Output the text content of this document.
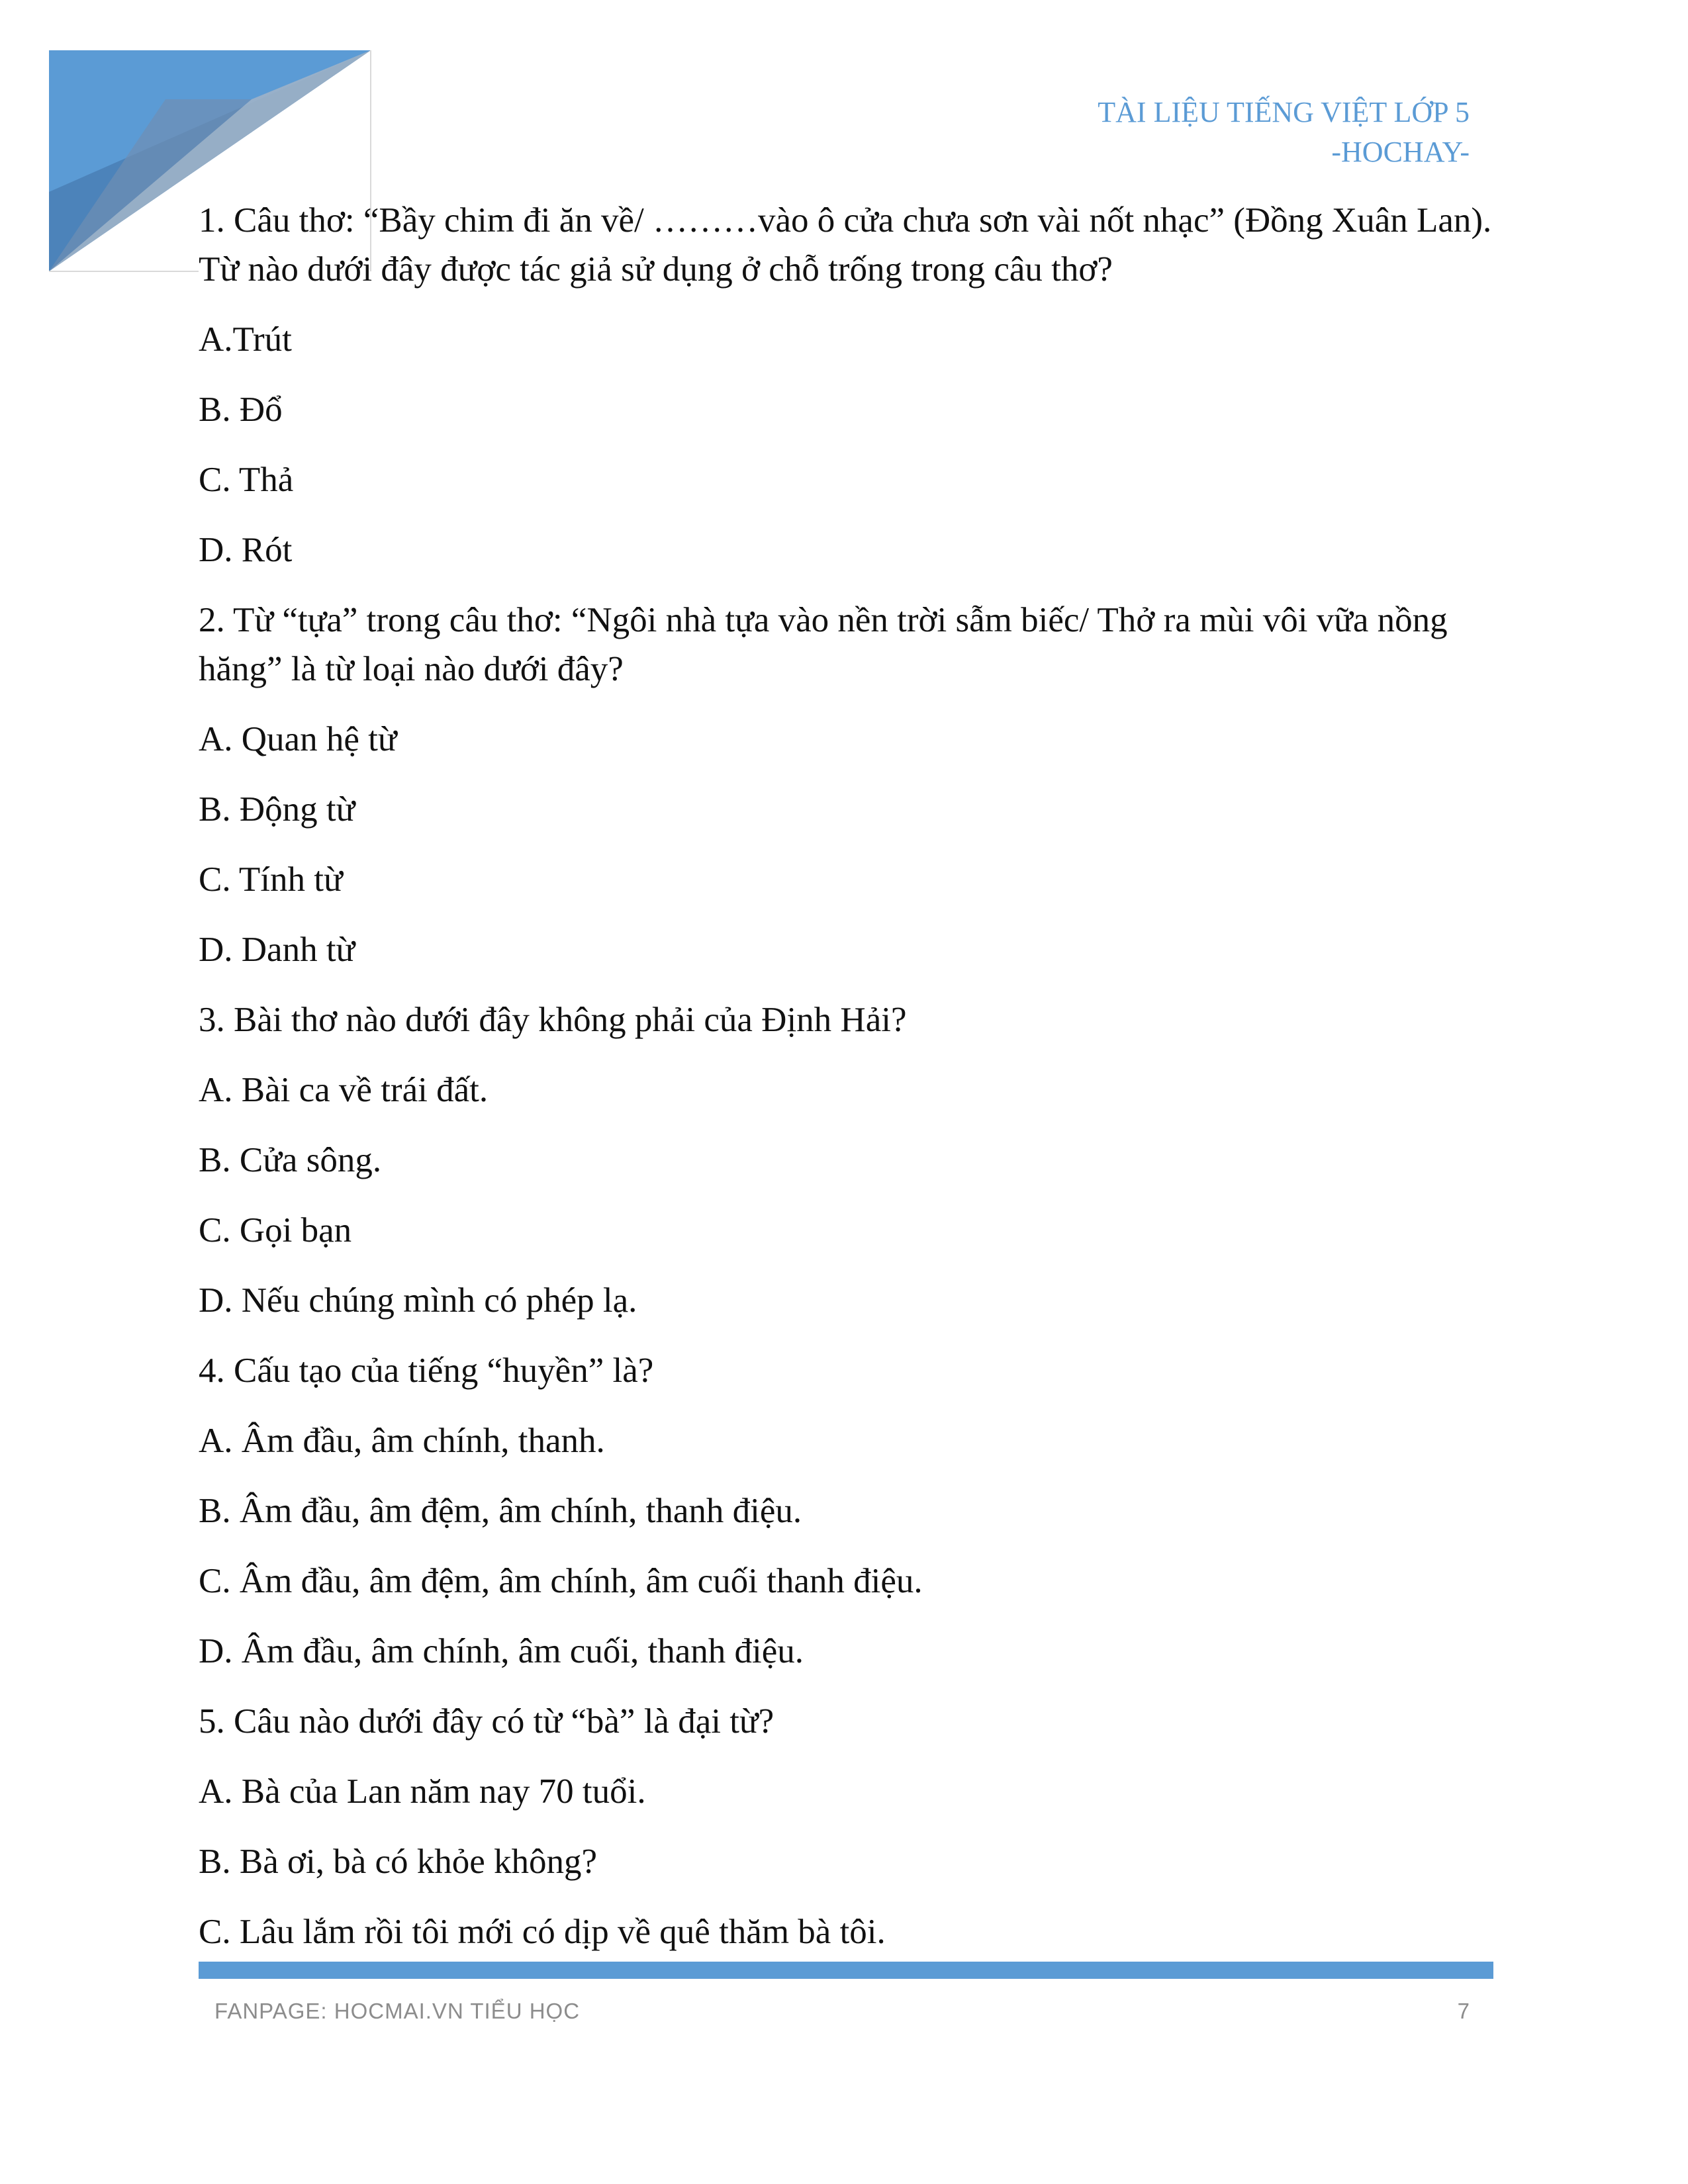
TÀI LIỆU TIẾNG VIỆT LỚP 5
-HOCHAY-
1. Câu thơ: “Bầy chim đi ăn về/ ………vào ô cửa chưa sơn vài nốt nhạc” (Đồng Xuân Lan). Từ nào dưới đây được tác giả sử dụng ở chỗ trống trong câu thơ?
A.Trút
B. Đổ
C. Thả
D. Rót
2. Từ “tựa” trong câu thơ: “Ngôi nhà tựa vào nền trời sẫm biếc/ Thở ra mùi vôi vữa nồng hăng” là từ loại nào dưới đây?
A. Quan hệ từ
B. Động từ
C. Tính từ
D. Danh từ
3. Bài thơ nào dưới đây không phải của Định Hải?
A. Bài ca về trái đất.
B. Cửa sông.
C. Gọi bạn
D. Nếu chúng mình có phép lạ.
4. Cấu tạo của tiếng “huyền” là?
A. Âm đầu, âm chính, thanh.
B. Âm đầu, âm đệm, âm chính, thanh điệu.
C. Âm đầu, âm đệm, âm chính, âm cuối thanh điệu.
D. Âm đầu, âm chính, âm cuối, thanh điệu.
5. Câu nào dưới đây có từ “bà” là đại từ?
A. Bà của Lan năm nay 70 tuổi.
B. Bà ơi, bà có khỏe không?
C. Lâu lắm rồi tôi mới có dịp về quê thăm bà tôi.
FANPAGE: HOCMAI.VN TIỂU HỌC	7
